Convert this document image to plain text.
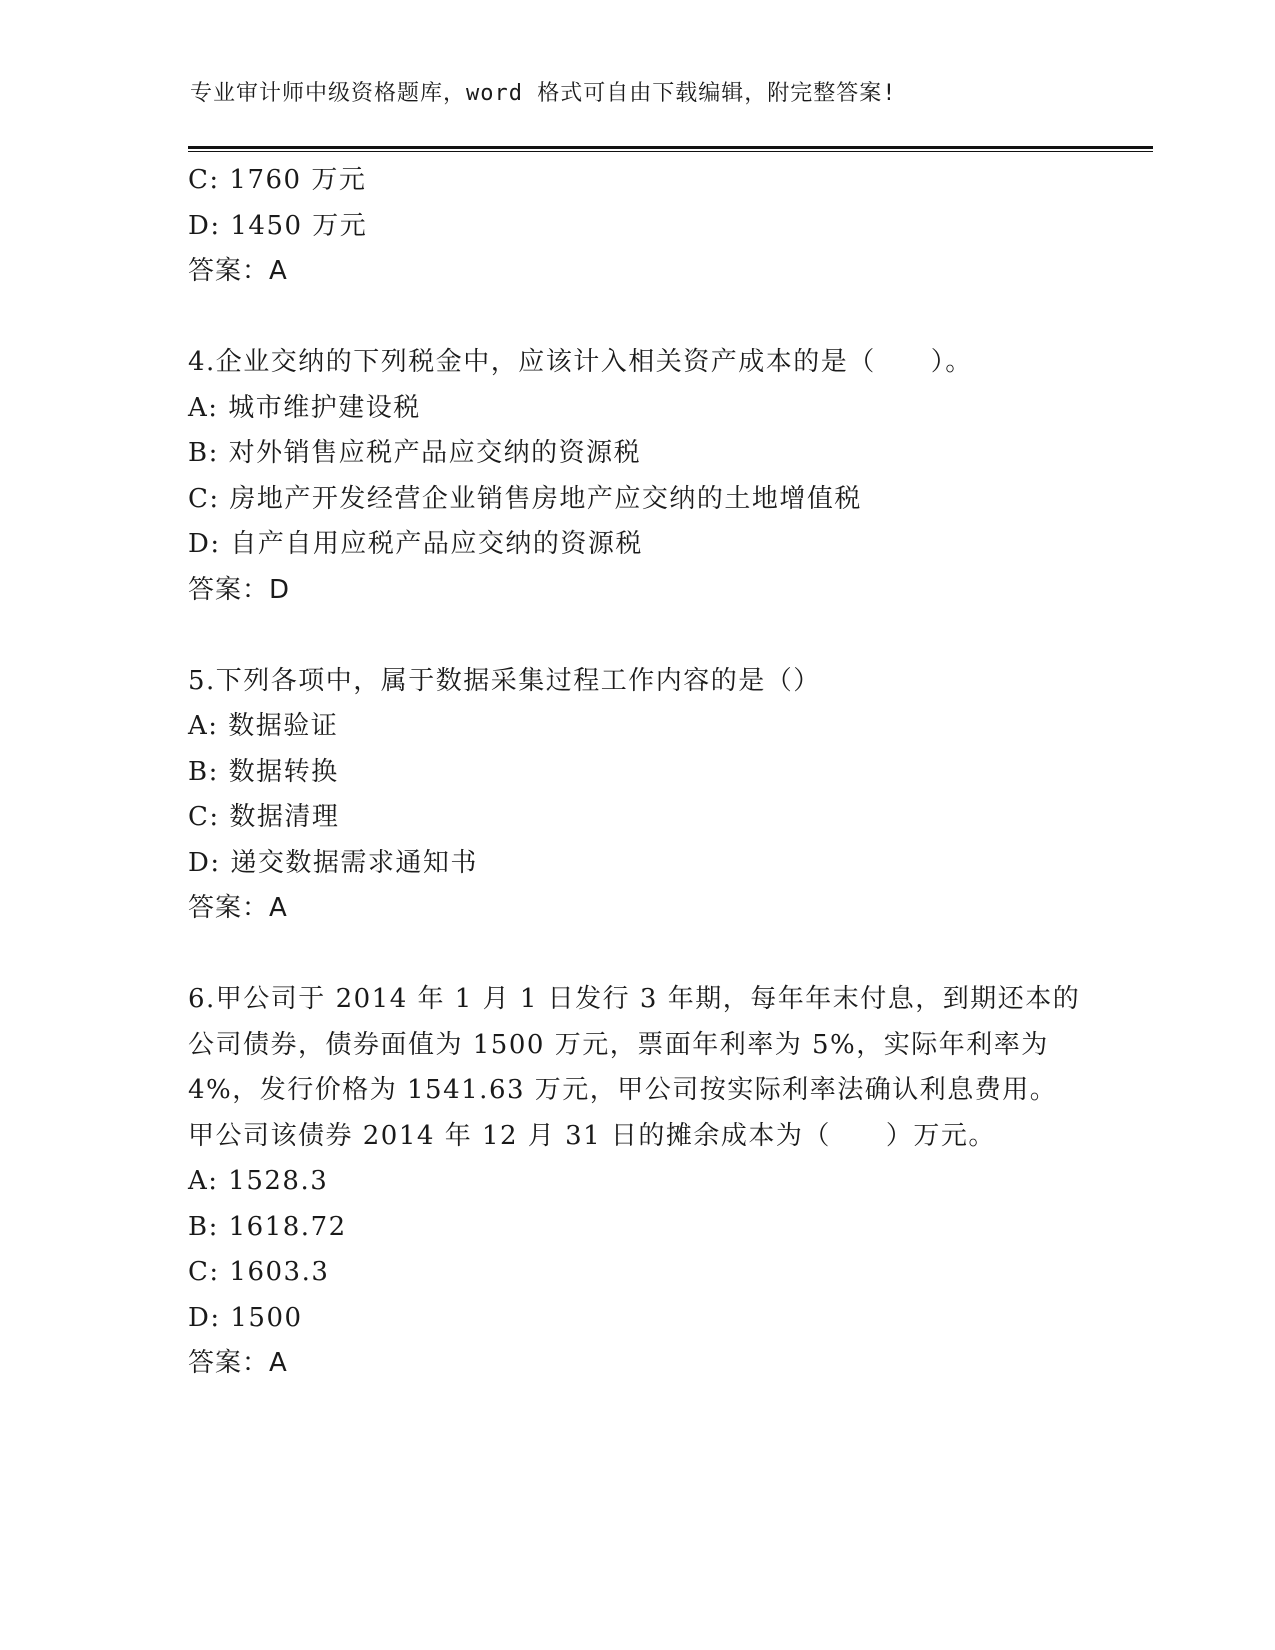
专业审计师中级资格题库，word 格式可自由下载编辑，附完整答案!
C: 1760 万元
D: 1450 万元
答案：A
4.企业交纳的下列税金中，应该计入相关资产成本的是（　　）。
A: 城市维护建设税
B: 对外销售应税产品应交纳的资源税
C: 房地产开发经营企业销售房地产应交纳的土地增值税
D: 自产自用应税产品应交纳的资源税
答案：D
5.下列各项中，属于数据采集过程工作内容的是（）
A: 数据验证
B: 数据转换
C: 数据清理
D: 递交数据需求通知书
答案：A
6.甲公司于 2014 年 1 月 1 日发行 3 年期，每年年末付息，到期还本的
公司债券，债券面值为 1500 万元，票面年利率为 5%，实际年利率为
4%，发行价格为 1541.63 万元，甲公司按实际利率法确认利息费用。
甲公司该债券 2014 年 12 月 31 日的摊余成本为（　　）万元。
A: 1528.3
B: 1618.72
C: 1603.3
D: 1500
答案：A
